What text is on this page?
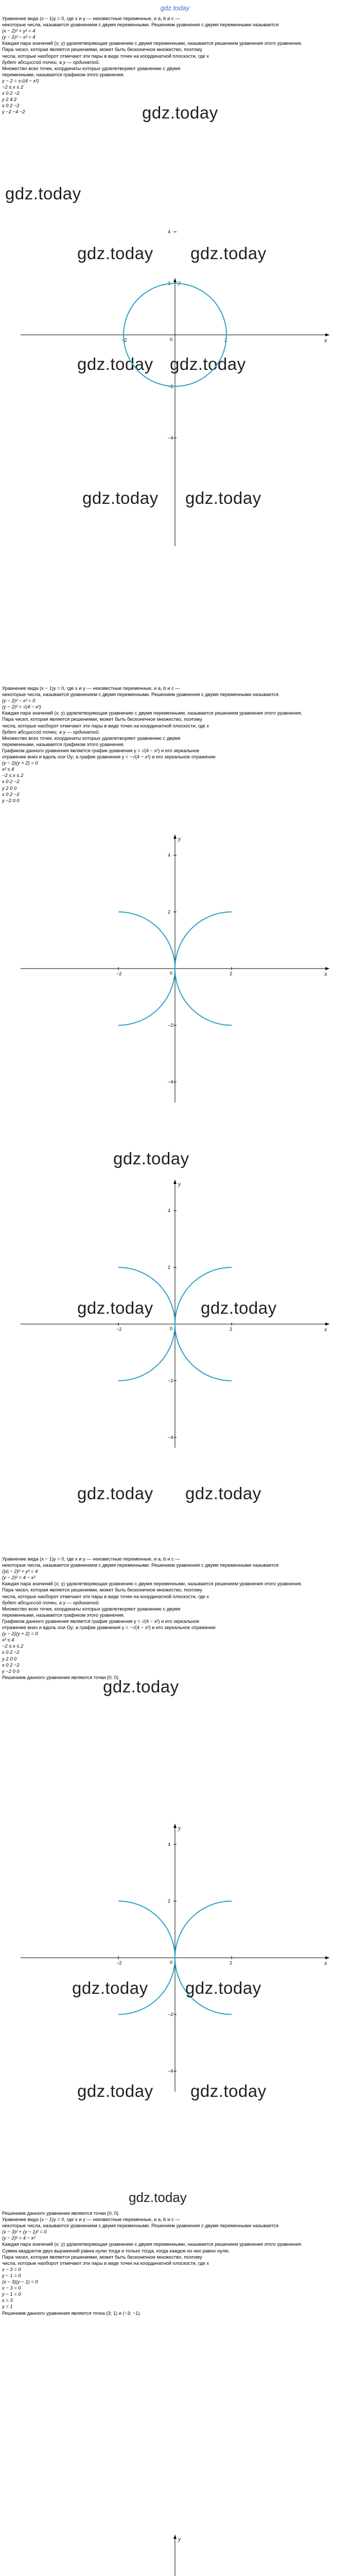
gdz.today

Уравнение вида (x − 1)y = 0, где x и y — неизвестные переменные, и a, b и c —

некоторые числа, называется уравнением с двумя переменными. Решением уравнения с двумя переменными называется

(x − 2)² + y² = 4

(y − 2)² − x² = 4

Каждая пара значений (x; y) удовлетворяющая уравнению с двумя переменными, называется решением уравнения этого уравнения.

Пара чисел, которая является решениями, может быть бесконечное множество, поэтому

числа, которые наоборот отмечают эти пары в виде точек на координатной плоскости, где x

будет абсциссой точки, a y — ординатой.

Множество всех точек, координаты которых удовлетворяют уравнению с двумя

переменными, называется графиком этого уравнения.

y − 2 = ±√(4 − x²)

−2 ≤ x ≤ 2

x 0 2 −2

y 2 4 2

x 0 2 −2

y −2 −4 −2	gdz.today
gdz.today
gdz.today gdz.today
gdz.today gdz.today
gdz.today gdz.today
x
y
0	2
−2
4
2
−2
−4

Уравнение вида (x − 1)y = 0, где x и y — неизвестные переменные, и a, b и c —

некоторые числа, называется уравнением с двумя переменными. Решением уравнения с двумя переменными называется

(y − 2)² − x² = 0

(y − 2)² = √(4 − x²)

Каждая пара значений (x; y) удовлетворяющая уравнению с двумя переменными, называется решением уравнения этого уравнения.

Пара чисел, которая является решениями, может быть бесконечное множество, поэтому

числа, которые наоборот отмечают эти пары в виде точек на координатной плоскости, где x

будет абсциссой точки, a y — ординатой.

Множество всех точек, координаты которых удовлетворяют уравнению с двумя

переменными, называется графиком этого уравнения.

Графиком данного уравнения является график уравнения y = √(4 − x²) и его зеркальное

отражение вниз и вдоль оси Oy; а график уравнения y = −√(4 − x²) и его зеркальное отражение

(y − 2)(y + 2) = 0

x² ≤ 4

−2 ≤ x ≤ 2

x 0 2 −2

y 2 0 0

x 0 2 −2

y −2 0 0

x
y
0	2
−2
4
2
−2
−4
gdz.today
x
y
0	2
−2
4
2
−2
−4
gdz.today	gdz.today
gdz.today gdz.today

Уравнение вида (x − 1)y = 0, где x и y — неизвестные переменные, и a, b и c —

некоторые числа, называется уравнением с двумя переменными. Решением уравнения с двумя переменными называется

(|x| − 2)² + y² = 4

(y − 2)² = 4 − x²

Каждая пара значений (x; y) удовлетворяющая уравнению с двумя переменными, называется решением уравнения этого уравнения.

Пара чисел, которая является решениями, может быть бесконечное множество, поэтому

числа, которые наоборот отмечают эти пары в виде точек на координатной плоскости, где x

будет абсциссой точки, a y — ординатой.

Множество всех точек, координаты которых удовлетворяют уравнению с двумя

переменными, называется графиком этого уравнения.

Графиком данного уравнения является график уравнения y = √(4 − x²) и его зеркальное

отражение вниз и вдоль оси Oy; а график уравнения y = −√(4 − x²) и его зеркальное отражение

(y − 2)(y + 2) = 0

x² ≤ 4

−2 ≤ x ≤ 2

x 0 2 −2

y 2 0 0

x 0 2 −2

y −2 0 0

Решением данного уравнения являются точки (0; 0).

gdz.today
x
y
0	2
−2
4
2
−2
−4
gdz.today gdz.today
gdz.today gdz.today
gdz.today

Решением данного уравнения являются точки (0; 0).

Уравнение вида (x − 1)y = 0, где x и y — неизвестные переменные, и a, b и c —

некоторые числа, называется уравнением с двумя переменными. Решением уравнения с двумя переменными называется

(x − 3)² + (y − 1)² = 0

(y − 2)² = 4 − x²

Каждая пара значений (x; y) удовлетворяющая уравнению с двумя переменными, называется решением уравнения этого уравнения.

Сумма квадратов двух выражений равна нулю тогда и только тогда, когда каждое из них равно нулю.

Пара чисел, которая является решениями, может быть бесконечное множество, поэтому

числа, которые наоборот отмечают эти пары в виде точек на координатной плоскости, где x

x − 3 = 0

y − 1 = 0

(x − 3)(y − 1) = 0

x − 3 = 0

y − 1 = 0

x = 3

y = 1

Решением данного уравнения является точка (3; 1) и (−3; −1).

y
